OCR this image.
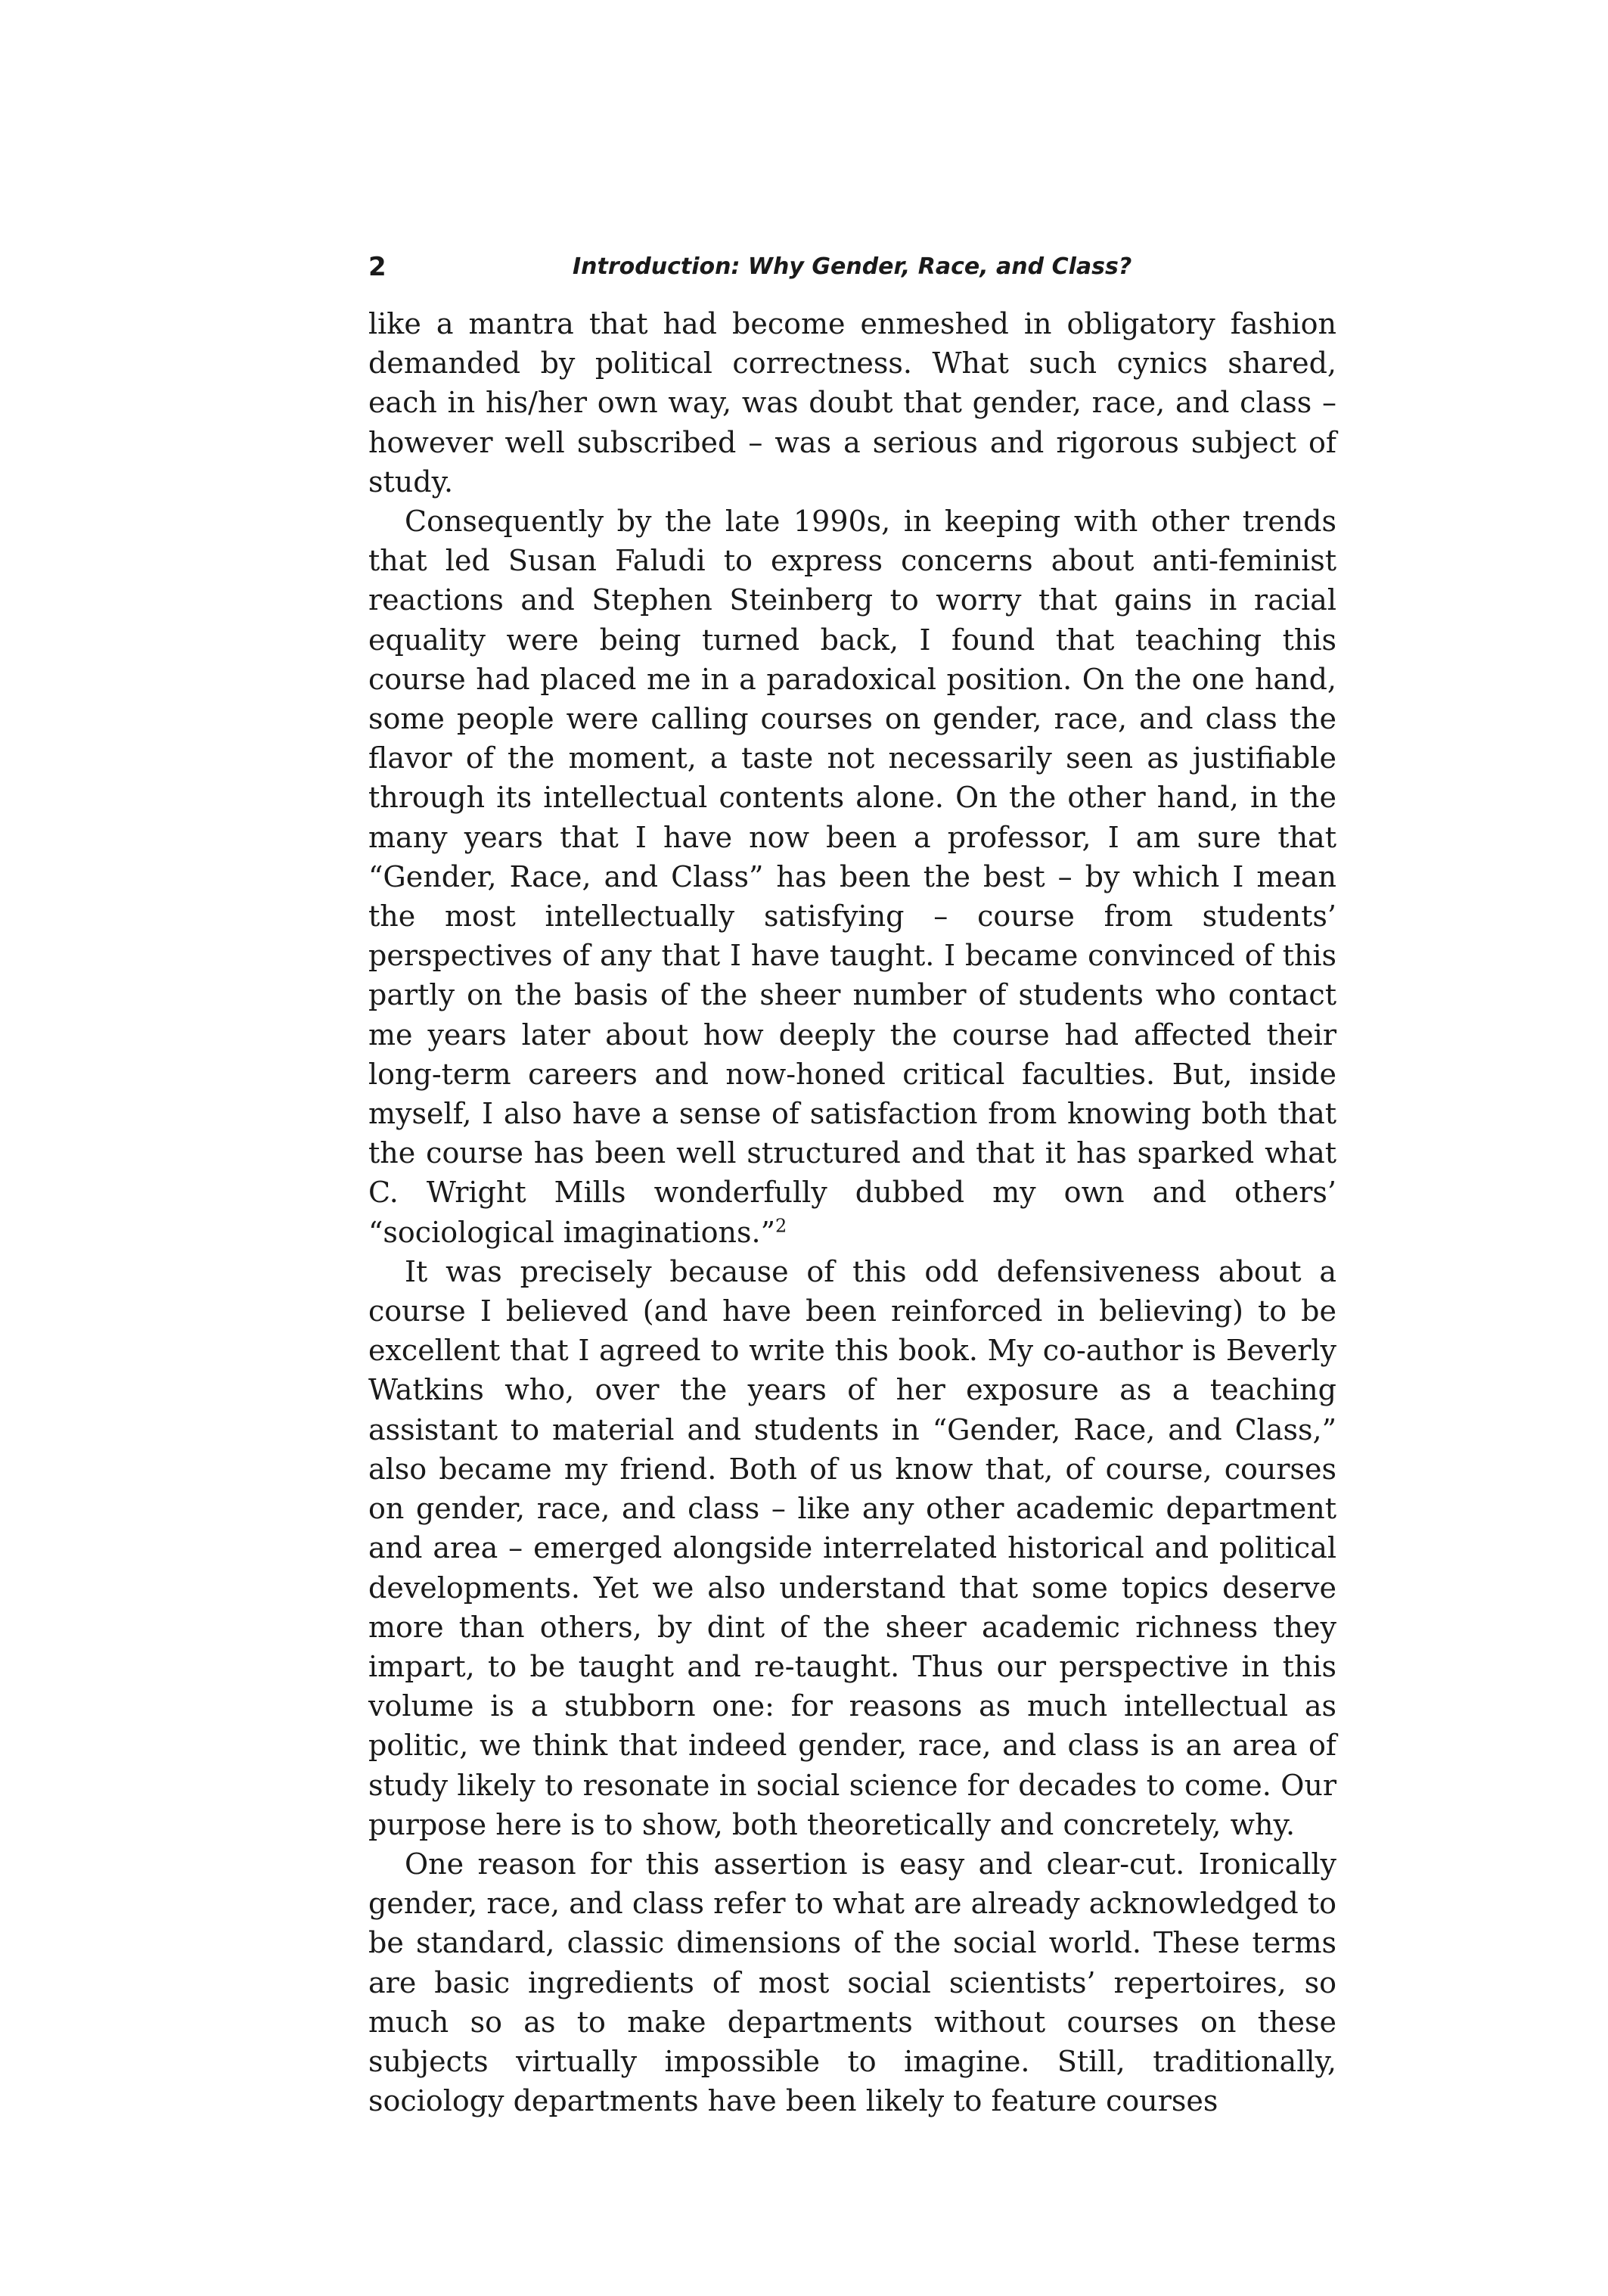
2	Introduction: Why Gender, Race, and Class?

like a mantra that had become enmeshed in obligatory fashion demanded by political correctness. What such cynics shared, each in his/her own way, was doubt that gender, race, and class – however well subscribed – was a serious and rigorous subject of study.

Consequently by the late 1990s, in keeping with other trends that led Susan Faludi to express concerns about anti-feminist reactions and Stephen Steinberg to worry that gains in racial equality were being turned back, I found that teaching this course had placed me in a paradoxical position. On the one hand, some people were calling courses on gender, race, and class the flavor of the moment, a taste not necessarily seen as justifiable through its intellectual contents alone. On the other hand, in the many years that I have now been a professor, I am sure that “Gender, Race, and Class” has been the best – by which I mean the most intellectually satisfying – course from students’ perspectives of any that I have taught. I became convinced of this partly on the basis of the sheer number of students who contact me years later about how deeply the course had affected their long-term careers and now-honed critical faculties. But, inside myself, I also have a sense of satisfaction from knowing both that the course has been well structured and that it has sparked what C. Wright Mills wonderfully dubbed my own and others’ “sociological imaginations.”$^2$

It was precisely because of this odd defensiveness about a course I believed (and have been reinforced in believing) to be excellent that I agreed to write this book. My co-author is Beverly Watkins who, over the years of her exposure as a teaching assistant to material and students in “Gender, Race, and Class,” also became my friend. Both of us know that, of course, courses on gender, race, and class – like any other academic department and area – emerged alongside interrelated historical and political developments. Yet we also understand that some topics deserve more than others, by dint of the sheer academic richness they impart, to be taught and re-taught. Thus our perspective in this volume is a stubborn one: for reasons as much intellectual as politic, we think that indeed gender, race, and class is an area of study likely to resonate in social science for decades to come. Our purpose here is to show, both theoretically and concretely, why.

One reason for this assertion is easy and clear-cut. Ironically gender, race, and class refer to what are already acknowledged to be standard, classic dimensions of the social world. These terms are basic ingredients of most social scientists’ repertoires, so much so as to make departments without courses on these subjects virtually impossible to imagine. Still, traditionally, sociology departments have been likely to feature courses
